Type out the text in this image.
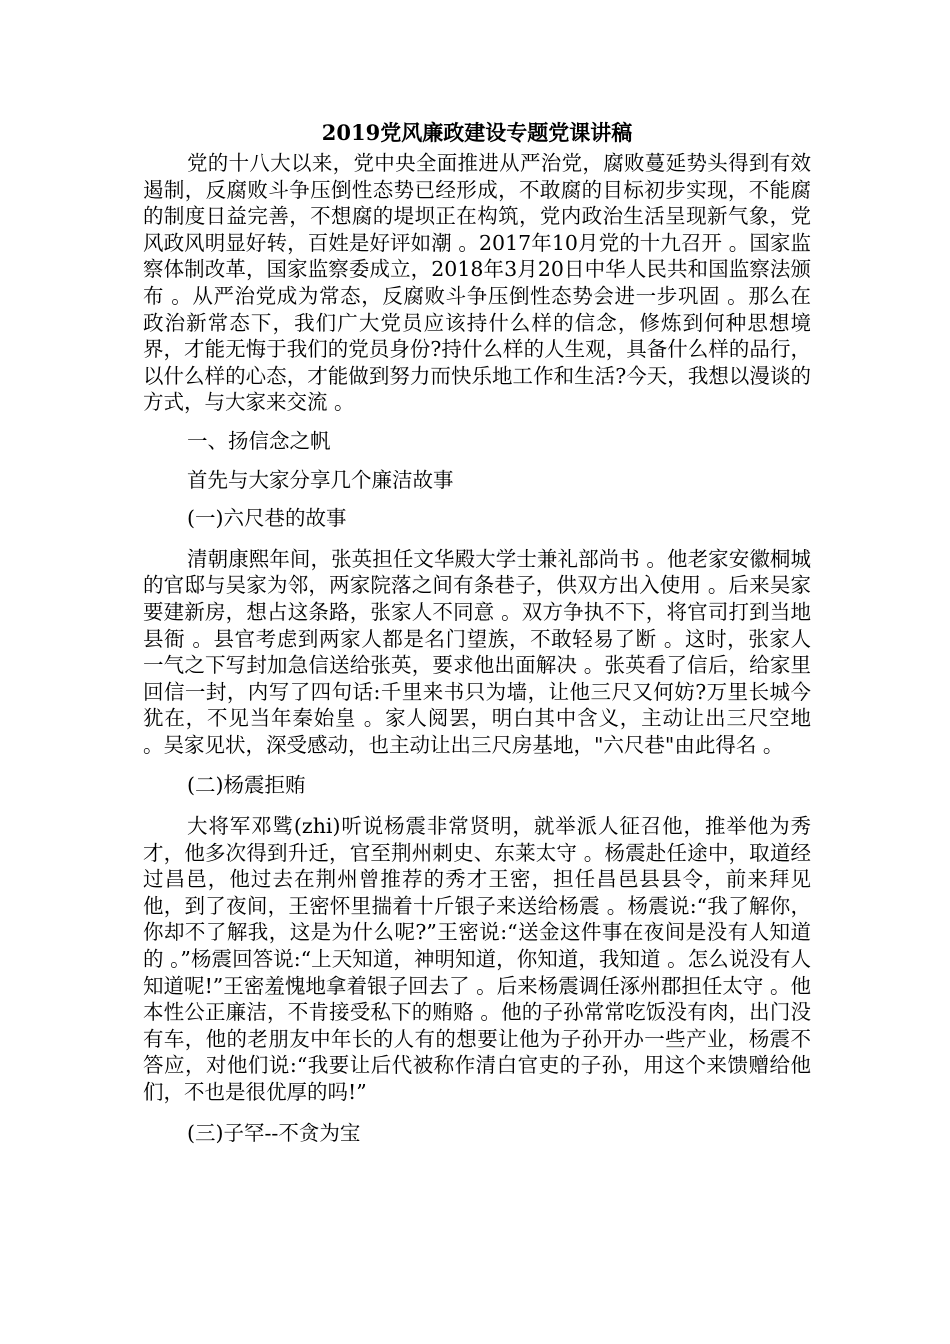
2019党风廉政建设专题党课讲稿

党的十八大以来，党中央全面推进从严治党，腐败蔓延势头得到有效遏制，反腐败斗争压倒性态势已经形成，不敢腐的目标初步实现，不能腐的制度日益完善，不想腐的堤坝正在构筑，党内政治生活呈现新气象，党风政风明显好转，百姓是好评如潮 。2017年10月党的十九召开 。国家监察体制改革，国家监察委成立，2018年3月20日中华人民共和国监察法颁布 。从严治党成为常态，反腐败斗争压倒性态势会进一步巩固 。那么在政治新常态下，我们广大党员应该持什么样的信念，修炼到何种思想境界，才能无悔于我们的党员身份?持什么样的人生观，具备什么样的品行，以什么样的心态，才能做到努力而快乐地工作和生活?今天，我想以漫谈的方式，与大家来交流 。

一、扬信念之帆

首先与大家分享几个廉洁故事

(一)六尺巷的故事

清朝康熙年间，张英担任文华殿大学士兼礼部尚书 。他老家安徽桐城的官邸与吴家为邻，两家院落之间有条巷子，供双方出入使用 。后来吴家要建新房，想占这条路，张家人不同意 。双方争执不下，将官司打到当地县衙 。县官考虑到两家人都是名门望族，不敢轻易了断 。这时，张家人一气之下写封加急信送给张英，要求他出面解决 。张英看了信后，给家里回信一封，内写了四句话:千里来书只为墙，让他三尺又何妨?万里长城今犹在，不见当年秦始皇 。家人阅罢，明白其中含义，主动让出三尺空地 。吴家见状，深受感动，也主动让出三尺房基地，"六尺巷"由此得名 。

(二)杨震拒贿

大将军邓骘(zhi)听说杨震非常贤明，就举派人征召他，推举他为秀才，他多次得到升迁，官至荆州刺史、东莱太守 。杨震赴任途中，取道经过昌邑，他过去在荆州曾推荐的秀才王密，担任昌邑县县令，前来拜见他，到了夜间，王密怀里揣着十斤银子来送给杨震 。杨震说:“我了解你，你却不了解我，这是为什么呢?”王密说:“送金这件事在夜间是没有人知道的 。”杨震回答说:“上天知道，神明知道，你知道，我知道 。怎么说没有人知道呢!”王密羞愧地拿着银子回去了 。后来杨震调任涿州郡担任太守 。他本性公正廉洁，不肯接受私下的贿赂 。他的子孙常常吃饭没有肉，出门没有车，他的老朋友中年长的人有的想要让他为子孙开办一些产业，杨震不答应，对他们说:“我要让后代被称作清白官吏的子孙，用这个来馈赠给他们，不也是很优厚的吗!”

(三)子罕--不贪为宝
